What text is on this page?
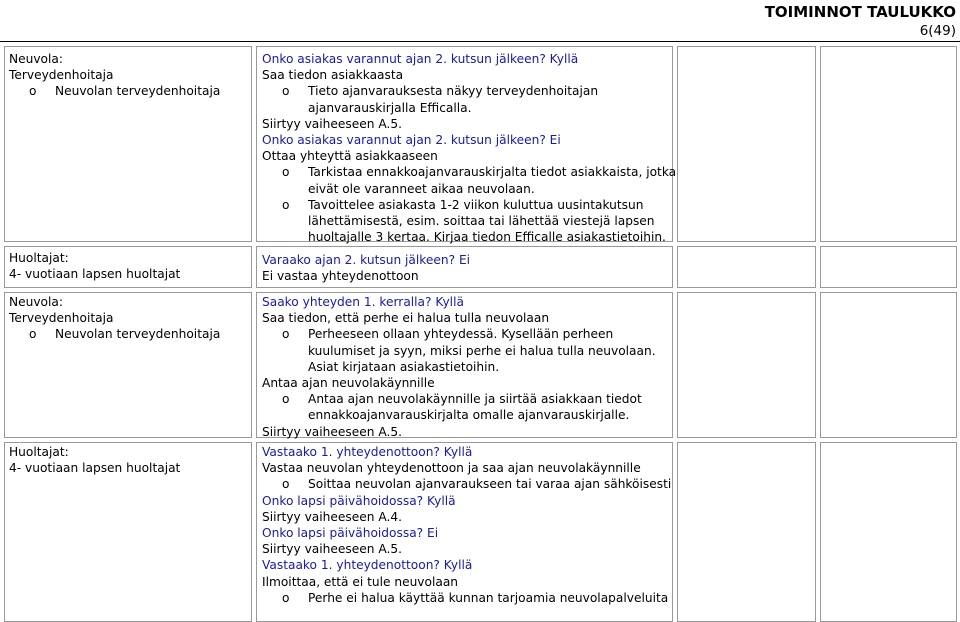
TOIMINNOT TAULUKKO
6(49)
Neuvola:
Terveydenhoitaja
o Neuvolan terveydenhoitaja
Onko asiakas varannut ajan 2. kutsun jälkeen? Kyllä
Saa tiedon asiakkaasta
o Tieto ajanvarauksesta näkyy terveydenhoitajan
ajanvarauskirjalla Efficalla.
Siirtyy vaiheeseen A.5.
Onko asiakas varannut ajan 2. kutsun jälkeen? Ei
Ottaa yhteyttä asiakkaaseen
o Tarkistaa ennakkoajanvarauskirjalta tiedot asiakkaista, jotka
eivät ole varanneet aikaa neuvolaan.
o Tavoittelee asiakasta 1-2 viikon kuluttua uusintakutsun
lähettämisestä, esim. soittaa tai lähettää viestejä lapsen
huoltajalle 3 kertaa. Kirjaa tiedon Efficalle asiakastietoihin.
Huoltajat:
4- vuotiaan lapsen huoltajat
Varaako ajan 2. kutsun jälkeen? Ei
Ei vastaa yhteydenottoon
Neuvola:
Terveydenhoitaja
o Neuvolan terveydenhoitaja
Saako yhteyden 1. kerralla? Kyllä
Saa tiedon, että perhe ei halua tulla neuvolaan
o Perheeseen ollaan yhteydessä. Kysellään perheen
kuulumiset ja syyn, miksi perhe ei halua tulla neuvolaan.
Asiat kirjataan asiakastietoihin.
Antaa ajan neuvolakäynnille
o Antaa ajan neuvolakäynnille ja siirtää asiakkaan tiedot
ennakkoajanvarauskirjalta omalle ajanvarauskirjalle.
Siirtyy vaiheeseen A.5.
Huoltajat:
4- vuotiaan lapsen huoltajat
Vastaako 1. yhteydenottoon? Kyllä
Vastaa neuvolan yhteydenottoon ja saa ajan neuvolakäynnille
o Soittaa neuvolan ajanvaraukseen tai varaa ajan sähköisesti
Onko lapsi päivähoidossa? Kyllä
Siirtyy vaiheeseen A.4.
Onko lapsi päivähoidossa? Ei
Siirtyy vaiheeseen A.5.
Vastaako 1. yhteydenottoon? Kyllä
Ilmoittaa, että ei tule neuvolaan
o Perhe ei halua käyttää kunnan tarjoamia neuvolapalveluita
